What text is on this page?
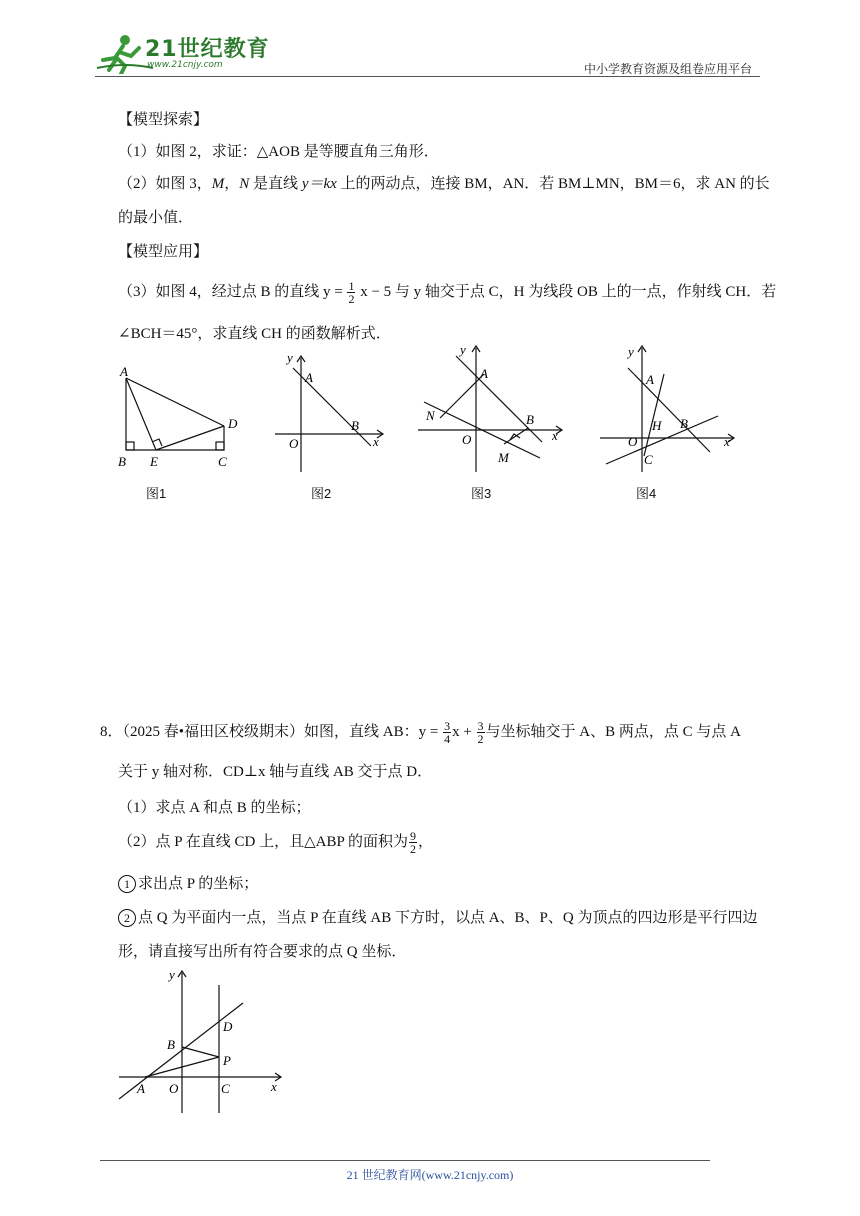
21世纪教育
www.21cnjy.com	中小学教育资源及组卷应用平台
【模型探索】
（1）如图 2，求证：△AOB 是等腰直角三角形．
（2）如图 3，M，N 是直线 y＝kx 上的两动点，连接 BM，AN．若 BM⊥MN，BM＝6，求 AN 的长
的最小值．
【模型应用】
（3）如图 4，经过点 B 的直线 $y = \frac{1}{2}$ x − 5 与 y 轴交于点 C，H 为线段 OB 上的一点，作射线 CH．若
∠BCH＝45°，求直线 CH 的函数解析式．
A
D
B E	C
图1
y
A
O
B
x
图2
y
A
N
O
B
M
x
图3
y
A
H B
O
C
x
图4
8．（2025 春•福田区校级期末）如图，直线 AB：$y = \frac{3}{4}$ $x + \frac{3}{2}$ 与坐标轴交于 A、B 两点，点 C 与点 A
关于 y 轴对称．CD⊥x 轴与直线 AB 交于点 D．
（1）求点 A 和点 B 的坐标；
（2）点 P 在直线 CD 上，且△ABP 的面积为 $\frac{9}{2}$ ，
1 求出点 P 的坐标；
2 点 Q 为平面内一点，当点 P 在直线 AB 下方时，以点 A、B、P、Q 为顶点的四边形是平行四边
形，请直接写出所有符合要求的点 Q 坐标．
y
D
B
P
A O	C	x
21 世纪教育网(www.21cnjy.com)
